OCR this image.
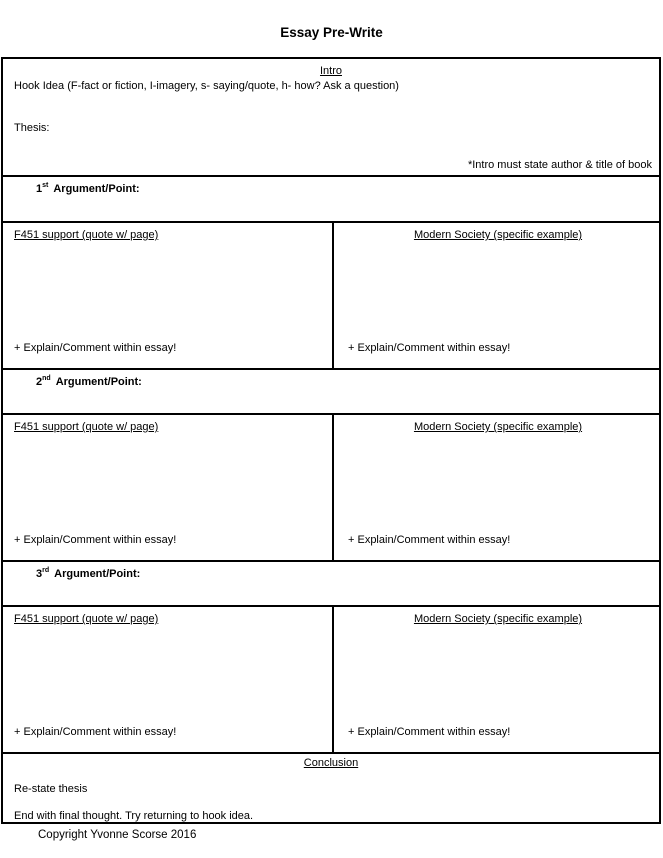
Essay Pre-Write
Intro
Hook Idea (F-fact or fiction, I-imagery, s- saying/quote, h- how? Ask a question)
Thesis:
*Intro must state author & title of book
1st Argument/Point:
F451 support (quote w/ page)
+ Explain/Comment within essay!
Modern Society (specific example)
+ Explain/Comment within essay!
2nd Argument/Point:
F451 support (quote w/ page)
+ Explain/Comment within essay!
Modern Society (specific example)
+ Explain/Comment within essay!
3rd Argument/Point:
F451 support (quote w/ page)
+ Explain/Comment within essay!
Modern Society (specific example)
+ Explain/Comment within essay!
Conclusion
Re-state thesis
End with final thought. Try returning to hook idea.
Copyright Yvonne Scorse 2016
